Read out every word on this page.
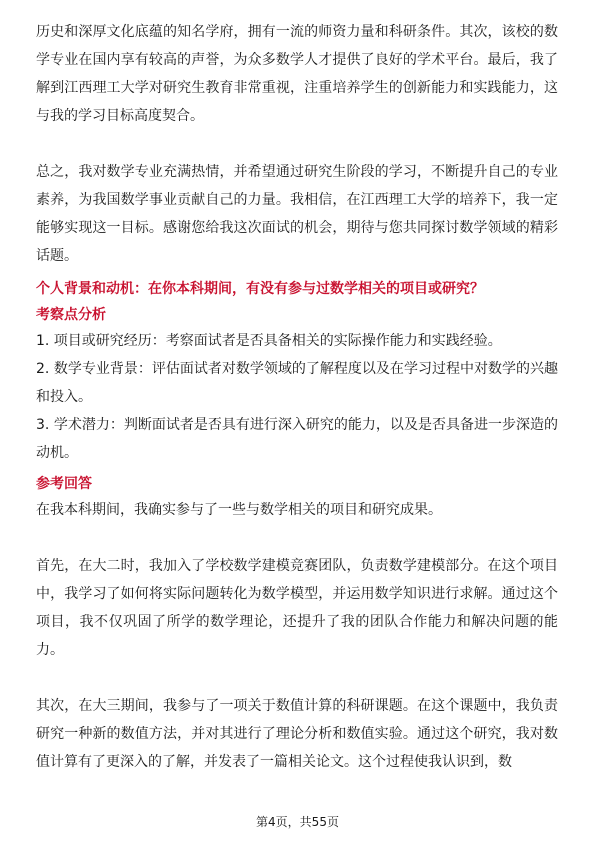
历史和深厚文化底蕴的知名学府，拥有一流的师资力量和科研条件。其次，该校的数学专业在国内享有较高的声誉，为众多数学人才提供了良好的学术平台。最后，我了解到江西理工大学对研究生教育非常重视，注重培养学生的创新能力和实践能力，这与我的学习目标高度契合。

总之，我对数学专业充满热情，并希望通过研究生阶段的学习，不断提升自己的专业素养，为我国数学事业贡献自己的力量。我相信，在江西理工大学的培养下，我一定能够实现这一目标。感谢您给我这次面试的机会，期待与您共同探讨数学领域的精彩话题。

个人背景和动机：在你本科期间，有没有参与过数学相关的项目或研究？

考察点分析

1. 项目或研究经历：考察面试者是否具备相关的实际操作能力和实践经验。

2. 数学专业背景：评估面试者对数学领域的了解程度以及在学习过程中对数学的兴趣和投入。

3. 学术潜力：判断面试者是否具有进行深入研究的能力，以及是否具备进一步深造的动机。

参考回答

在我本科期间，我确实参与了一些与数学相关的项目和研究成果。

首先，在大二时，我加入了学校数学建模竞赛团队，负责数学建模部分。在这个项目中，我学习了如何将实际问题转化为数学模型，并运用数学知识进行求解。通过这个项目，我不仅巩固了所学的数学理论，还提升了我的团队合作能力和解决问题的能力。

其次，在大三期间，我参与了一项关于数值计算的科研课题。在这个课题中，我负责研究一种新的数值方法，并对其进行了理论分析和数值实验。通过这个研究，我对数值计算有了更深入的了解，并发表了一篇相关论文。这个过程使我认识到，数

第4页，共55页
